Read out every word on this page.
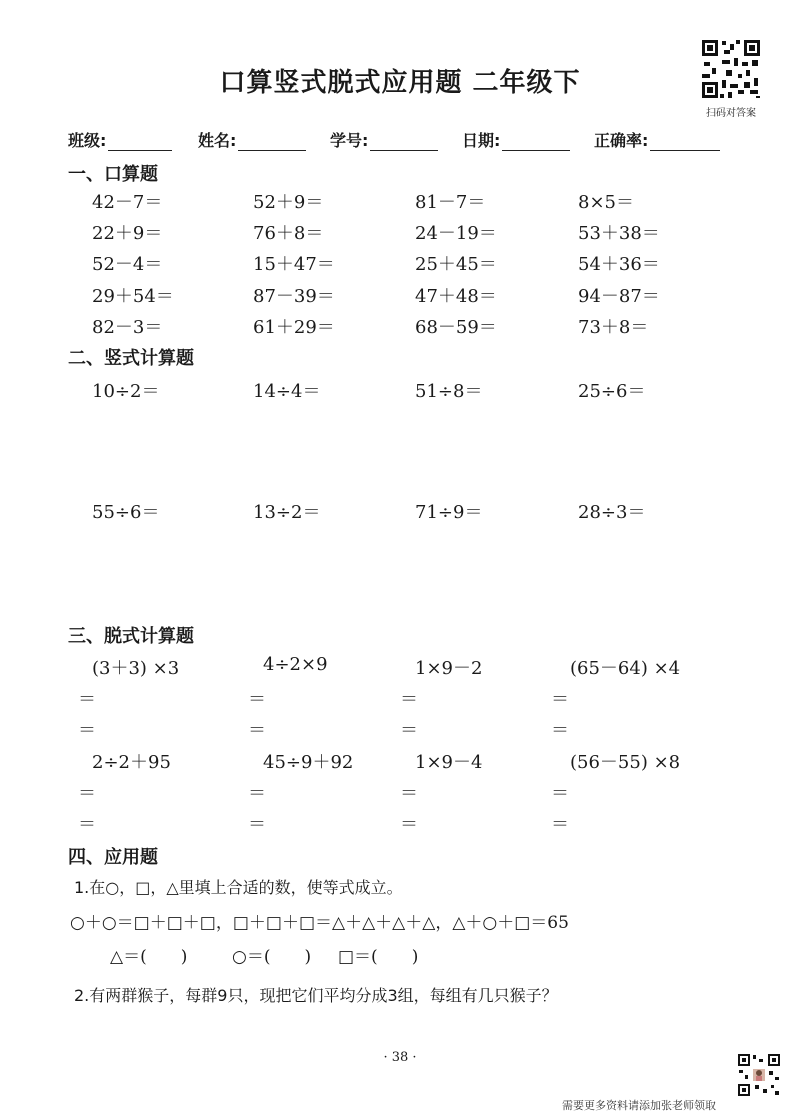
口算竖式脱式应用题 二年级下
扫码对答案
班级:	姓名:	学号:	日期:	正确率:
一、口算题
42－7＝	52＋9＝	81－7＝	8×5＝
22＋9＝	76＋8＝	24－19＝	53＋38＝
52－4＝	15＋47＝	25＋45＝	54＋36＝
29＋54＝	87－39＝	47＋48＝	94－87＝
82－3＝	61＋29＝	68－59＝	73＋8＝
二、竖式计算题
10÷2＝	14÷4＝	51÷8＝	25÷6＝
55÷6＝	13÷2＝	71÷9＝	28÷3＝
三、脱式计算题
(3＋3) ×3	4÷2×9	1×9－2	(65－64) ×4
＝	＝	＝	＝
＝	＝	＝	＝
2÷2＋95	45÷9＋92	1×9－4	(56－55) ×8
＝	＝	＝	＝
＝	＝	＝	＝
四、应用题
1.在○，□，△里填上合适的数，使等式成立。
○＋○＝□＋□＋□，□＋□＋□＝△＋△＋△＋△，△＋○＋□＝65
△＝(　　)	○＝(　　) □＝(　　)
2.有两群猴子，每群9只，现把它们平均分成3组，每组有几只猴子？
· 38 ·
需要更多资料请添加张老师领取
